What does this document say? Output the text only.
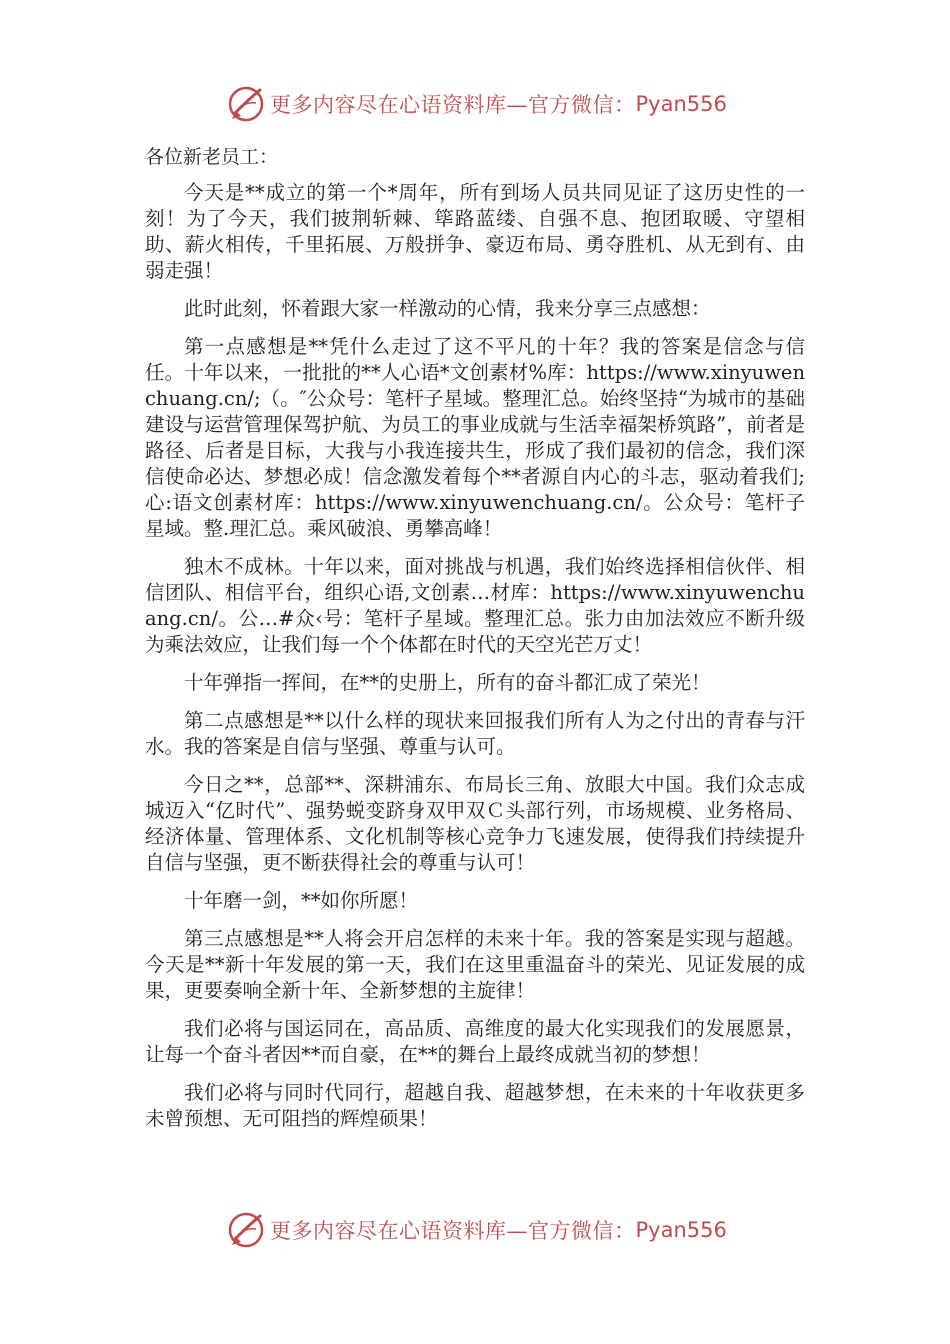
更多内容尽在心语资料库—官方微信： Pyan556
各位新老员工：

今天是**成立的第一个*周年，所有到场人员共同见证了这历史性的一刻！为了今天，我们披荆斩棘、筚路蓝缕、自强不息、抱团取暖、守望相助、薪火相传，千里拓展、万般拼争、豪迈布局、勇夺胜机、从无到有、由弱走强！

此时此刻，怀着跟大家一样激动的心情，我来分享三点感想：

第一点感想是**凭什么走过了这不平凡的十年？我的答案是信念与信任。十年以来，一批批的**人心语*文创素材%库：https://www.xinyuwenchuang.cn/;（。″公众号：笔杆子星域。整理汇总。始终坚持“为城市的基础建设与运营管理保驾护航、为员工的事业成就与生活幸福架桥筑路”，前者是路径、后者是目标，大我与小我连接共生，形成了我们最初的信念，我们深信使命必达、梦想必成！信念激发着每个**者源自内心的斗志，驱动着我们;心:语文创素材库：https://www.xinyuwenchuang.cn/。公众号：笔杆子星域。整.理汇总。乘风破浪、勇攀高峰！

独木不成林。十年以来，面对挑战与机遇，我们始终选择相信伙伴、相信团队、相信平台，组织心语,文创素…材库：https://www.xinyuwenchuang.cn/。公…#众‹号：笔杆子星域。整理汇总。张力由加法效应不断升级为乘法效应，让我们每一个个体都在时代的天空光芒万丈！

十年弹指一挥间，在**的史册上，所有的奋斗都汇成了荣光！

第二点感想是**以什么样的现状来回报我们所有人为之付出的青春与汗水。我的答案是自信与坚强、尊重与认可。

今日之**，总部**、深耕浦东、布局长三角、放眼大中国。我们众志成城迈入“亿时代”、强势蜕变跻身双甲双Ｃ头部行列，市场规模、业务格局、经济体量、管理体系、文化机制等核心竞争力飞速发展，使得我们持续提升自信与坚强，更不断获得社会的尊重与认可！

十年磨一剑，**如你所愿！

第三点感想是**人将会开启怎样的未来十年。我的答案是实现与超越。今天是**新十年发展的第一天，我们在这里重温奋斗的荣光、见证发展的成果，更要奏响全新十年、全新梦想的主旋律！

我们必将与国运同在，高品质、高维度的最大化实现我们的发展愿景，让每一个奋斗者因**而自豪，在**的舞台上最终成就当初的梦想！

我们必将与同时代同行，超越自我、超越梦想，在未来的十年收获更多未曾预想、无可阻挡的辉煌硕果！

更多内容尽在心语资料库—官方微信： Pyan556
